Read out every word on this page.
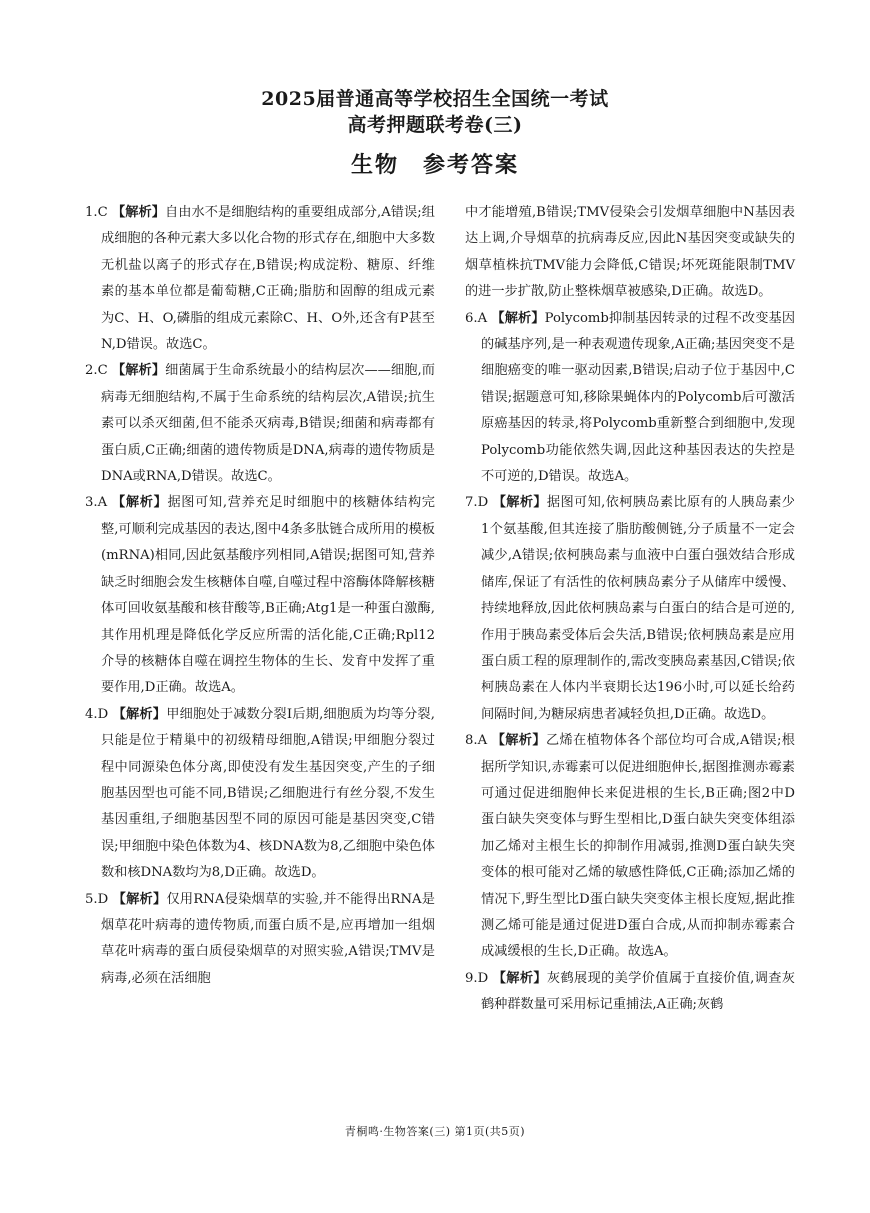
2025届普通高等学校招生全国统一考试
高考押题联考卷(三)
生物 参考答案

1.C 【解析】自由水不是细胞结构的重要组成部分,A错误;组成细胞的各种元素大多以化合物的形式存在,细胞中大多数无机盐以离子的形式存在,B错误;构成淀粉、糖原、纤维素的基本单位都是葡萄糖,C正确;脂肪和固醇的组成元素为C、H、O,磷脂的组成元素除C、H、O外,还含有P甚至N,D错误。故选C。

2.C 【解析】细菌属于生命系统最小的结构层次——细胞,而病毒无细胞结构,不属于生命系统的结构层次,A错误;抗生素可以杀灭细菌,但不能杀灭病毒,B错误;细菌和病毒都有蛋白质,C正确;细菌的遗传物质是DNA,病毒的遗传物质是DNA或RNA,D错误。故选C。

3.A 【解析】据图可知,营养充足时细胞中的核糖体结构完整,可顺利完成基因的表达,图中4条多肽链合成所用的模板(mRNA)相同,因此氨基酸序列相同,A错误;据图可知,营养缺乏时细胞会发生核糖体自噬,自噬过程中溶酶体降解核糖体可回收氨基酸和核苷酸等,B正确;Atg1是一种蛋白激酶,其作用机理是降低化学反应所需的活化能,C正确;Rpl12介导的核糖体自噬在调控生物体的生长、发育中发挥了重要作用,D正确。故选A。

4.D 【解析】甲细胞处于减数分裂Ⅰ后期,细胞质为均等分裂,只能是位于精巢中的初级精母细胞,A错误;甲细胞分裂过程中同源染色体分离,即使没有发生基因突变,产生的子细胞基因型也可能不同,B错误;乙细胞进行有丝分裂,不发生基因重组,子细胞基因型不同的原因可能是基因突变,C错误;甲细胞中染色体数为4、核DNA数为8,乙细胞中染色体数和核DNA数均为8,D正确。故选D。

5.D 【解析】仅用RNA侵染烟草的实验,并不能得出RNA是烟草花叶病毒的遗传物质,而蛋白质不是,应再增加一组烟草花叶病毒的蛋白质侵染烟草的对照实验,A错误;TMV是病毒,必须在活细胞

中才能增殖,B错误;TMV侵染会引发烟草细胞中N基因表达上调,介导烟草的抗病毒反应,因此N基因突变或缺失的烟草植株抗TMV能力会降低,C错误;坏死斑能限制TMV的进一步扩散,防止整株烟草被感染,D正确。故选D。

6.A 【解析】Polycomb抑制基因转录的过程不改变基因的碱基序列,是一种表观遗传现象,A正确;基因突变不是细胞癌变的唯一驱动因素,B错误;启动子位于基因中,C错误;据题意可知,移除果蝇体内的Polycomb后可激活原癌基因的转录,将Polycomb重新整合到细胞中,发现Polycomb功能依然失调,因此这种基因表达的失控是不可逆的,D错误。故选A。

7.D 【解析】据图可知,依柯胰岛素比原有的人胰岛素少1个氨基酸,但其连接了脂肪酸侧链,分子质量不一定会减少,A错误;依柯胰岛素与血液中白蛋白强效结合形成储库,保证了有活性的依柯胰岛素分子从储库中缓慢、持续地释放,因此依柯胰岛素与白蛋白的结合是可逆的,作用于胰岛素受体后会失活,B错误;依柯胰岛素是应用蛋白质工程的原理制作的,需改变胰岛素基因,C错误;依柯胰岛素在人体内半衰期长达196小时,可以延长给药间隔时间,为糖尿病患者减轻负担,D正确。故选D。

8.A 【解析】乙烯在植物体各个部位均可合成,A错误;根据所学知识,赤霉素可以促进细胞伸长,据图推测赤霉素可通过促进细胞伸长来促进根的生长,B正确;图2中D蛋白缺失突变体与野生型相比,D蛋白缺失突变体组添加乙烯对主根生长的抑制作用减弱,推测D蛋白缺失突变体的根可能对乙烯的敏感性降低,C正确;添加乙烯的情况下,野生型比D蛋白缺失突变体主根长度短,据此推测乙烯可能是通过促进D蛋白合成,从而抑制赤霉素合成减缓根的生长,D正确。故选A。

9.D 【解析】灰鹤展现的美学价值属于直接价值,调查灰鹤种群数量可采用标记重捕法,A正确;灰鹤

青桐鸣·生物答案(三) 第1页(共5页)
